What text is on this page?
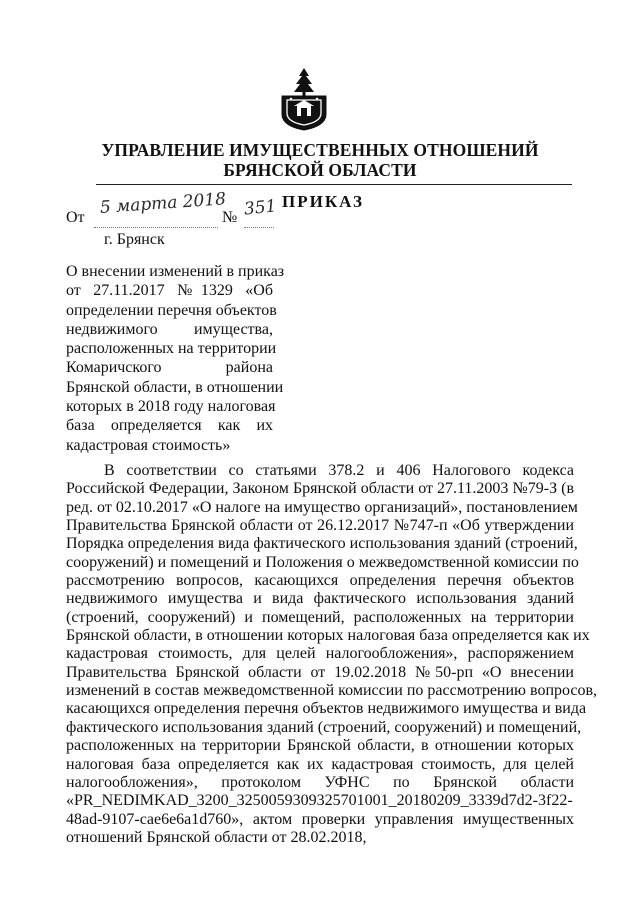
УПРАВЛЕНИЕ ИМУЩЕСТВЕННЫХ ОТНОШЕНИЙ
БРЯНСКОЙ ОБЛАСТИ
ПРИКАЗ
От 5 марта 2018
№ 351
г. Брянск
О внесении изменений в приказ
от 27.11.2017 №1329 «Об
определении перечня объектов
недвижимого имущества,
расположенных на территории
Комаричского района
Брянской области, в отношении
которых в 2018 году налоговая
база определяется как их
кадастровая стоимость»
В соответствии со статьями 378.2 и 406 Налогового кодекса
Российской Федерации, Законом Брянской области от 27.11.2003 №79-З (в
ред. от 02.10.2017 «О налоге на имущество организаций», постановлением
Правительства Брянской области от 26.12.2017 №747-п «Об утверждении
Порядка определения вида фактического использования зданий (строений,
сооружений) и помещений и Положения о межведомственной комиссии по
рассмотрению вопросов, касающихся определения перечня объектов
недвижимого имущества и вида фактического использования зданий
(строений, сооружений) и помещений, расположенных на территории
Брянской области, в отношении которых налоговая база определяется как их
кадастровая стоимость, для целей налогообложения», распоряжением
Правительства Брянской области от 19.02.2018 №50-рп «О внесении
изменений в состав межведомственной комиссии по рассмотрению вопросов,
касающихся определения перечня объектов недвижимого имущества и вида
фактического использования зданий (строений, сооружений) и помещений,
расположенных на территории Брянской области, в отношении которых
налоговая база определяется как их кадастровая стоимость, для целей
налогообложения», протоколом УФНС по Брянской области
«PR_NEDIMKAD_3200_3250059309325701001_20180209_3339d7d2-3f22-
48ad-9107-cae6e6a1d760», актом проверки управления имущественных
отношений Брянской области от 28.02.2018,
